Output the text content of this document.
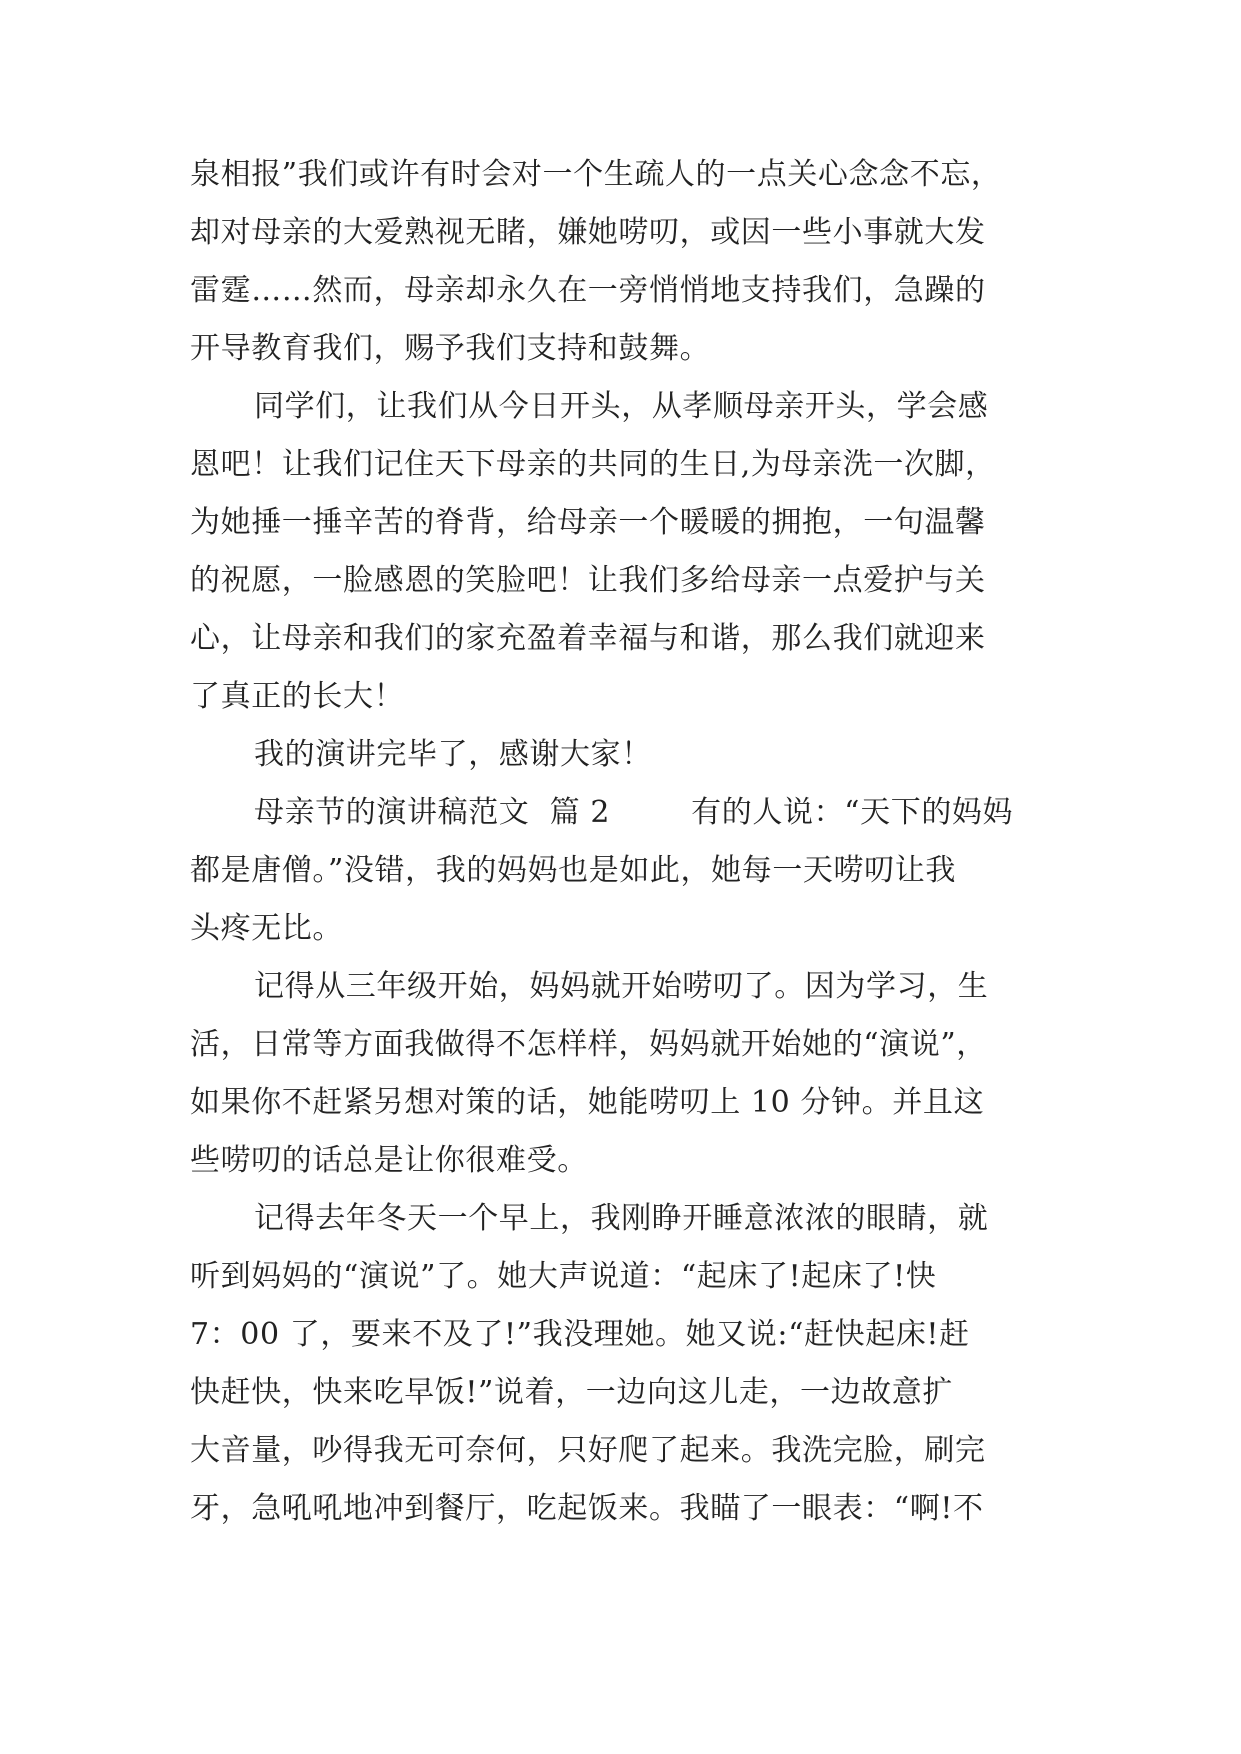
泉相报”我们或许有时会对一个生疏人的一点关心念念不忘，
却对母亲的大爱熟视无睹，嫌她唠叨，或因一些小事就大发
雷霆……然而，母亲却永久在一旁悄悄地支持我们，急躁的
开导教育我们，赐予我们支持和鼓舞。
同学们，让我们从今日开头，从孝顺母亲开头，学会感
恩吧！让我们记住天下母亲的共同的生日,为母亲洗一次脚，
为她捶一捶辛苦的脊背，给母亲一个暖暖的拥抱，一句温馨
的祝愿，一脸感恩的笑脸吧！让我们多给母亲一点爱护与关
心，让母亲和我们的家充盈着幸福与和谐，那么我们就迎来
了真正的长大！
我的演讲完毕了，感谢大家！
母亲节的演讲稿范文  篇 2        有的人说：“天下的妈妈
都是唐僧。”没错，我的妈妈也是如此，她每一天唠叨让我
头疼无比。
记得从三年级开始，妈妈就开始唠叨了。因为学习，生
活，日常等方面我做得不怎样样，妈妈就开始她的“演说”，
如果你不赶紧另想对策的话，她能唠叨上 10 分钟。并且这
些唠叨的话总是让你很难受。
记得去年冬天一个早上，我刚睁开睡意浓浓的眼睛，就
听到妈妈的“演说”了。她大声说道：“起床了!起床了!快
7：00 了，要来不及了!”我没理她。她又说:“赶快起床!赶
快赶快，快来吃早饭!”说着，一边向这儿走，一边故意扩
大音量，吵得我无可奈何，只好爬了起来。我洗完脸，刷完
牙，急吼吼地冲到餐厅，吃起饭来。我瞄了一眼表：“啊!不
